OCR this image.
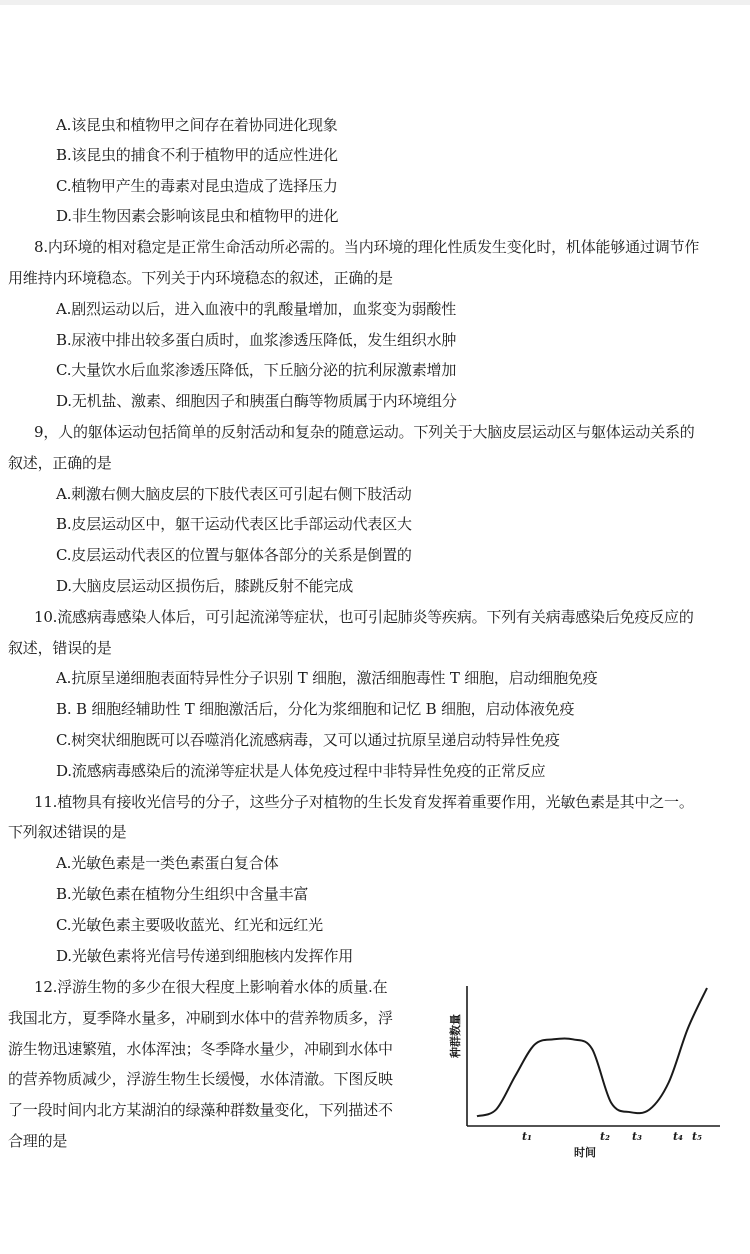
A.该昆虫和植物甲之间存在着协同进化现象
B.该昆虫的捕食不利于植物甲的适应性进化
C.植物甲产生的毒素对昆虫造成了选择压力
D.非生物因素会影响该昆虫和植物甲的进化
8.内环境的相对稳定是正常生命活动所必需的。当内环境的理化性质发生变化时，机体能够通过调节作
用维持内环境稳态。下列关于内环境稳态的叙述，正确的是
A.剧烈运动以后，进入血液中的乳酸量增加，血浆变为弱酸性
B.尿液中排出较多蛋白质时，血浆渗透压降低，发生组织水肿
C.大量饮水后血浆渗透压降低，下丘脑分泌的抗利尿激素增加
D.无机盐、激素、细胞因子和胰蛋白酶等物质属于内环境组分
9，人的躯体运动包括简单的反射活动和复杂的随意运动。下列关于大脑皮层运动区与躯体运动关系的
叙述，正确的是
A.刺激右侧大脑皮层的下肢代表区可引起右侧下肢活动
B.皮层运动区中，躯干运动代表区比手部运动代表区大
C.皮层运动代表区的位置与躯体各部分的关系是倒置的
D.大脑皮层运动区损伤后，膝跳反射不能完成
10.流感病毒感染人体后，可引起流涕等症状，也可引起肺炎等疾病。下列有关病毒感染后免疫反应的
叙述，错误的是
A.抗原呈递细胞表面特异性分子识别 T 细胞，激活细胞毒性 T 细胞，启动细胞免疫
B. B 细胞经辅助性 T 细胞激活后，分化为浆细胞和记忆 B 细胞，启动体液免疫
C.树突状细胞既可以吞噬消化流感病毒，又可以通过抗原呈递启动特异性免疫
D.流感病毒感染后的流涕等症状是人体免疫过程中非特异性免疫的正常反应
11.植物具有接收光信号的分子，这些分子对植物的生长发育发挥着重要作用，光敏色素是其中之一。
下列叙述错误的是
A.光敏色素是一类色素蛋白复合体
B.光敏色素在植物分生组织中含量丰富
C.光敏色素主要吸收蓝光、红光和远红光
D.光敏色素将光信号传递到细胞核内发挥作用
12.浮游生物的多少在很大程度上影响着水体的质量.在
我国北方，夏季降水量多，冲刷到水体中的营养物质多，浮
游生物迅速繁殖，水体浑浊；冬季降水量少，冲刷到水体中
的营养物质减少，浮游生物生长缓慢，水体清澈。下图反映
了一段时间内北方某湖泊的绿藻种群数量变化，下列描述不
合理的是
种群数量
时间
t₁	t₂ t₃	t₄ t₅
